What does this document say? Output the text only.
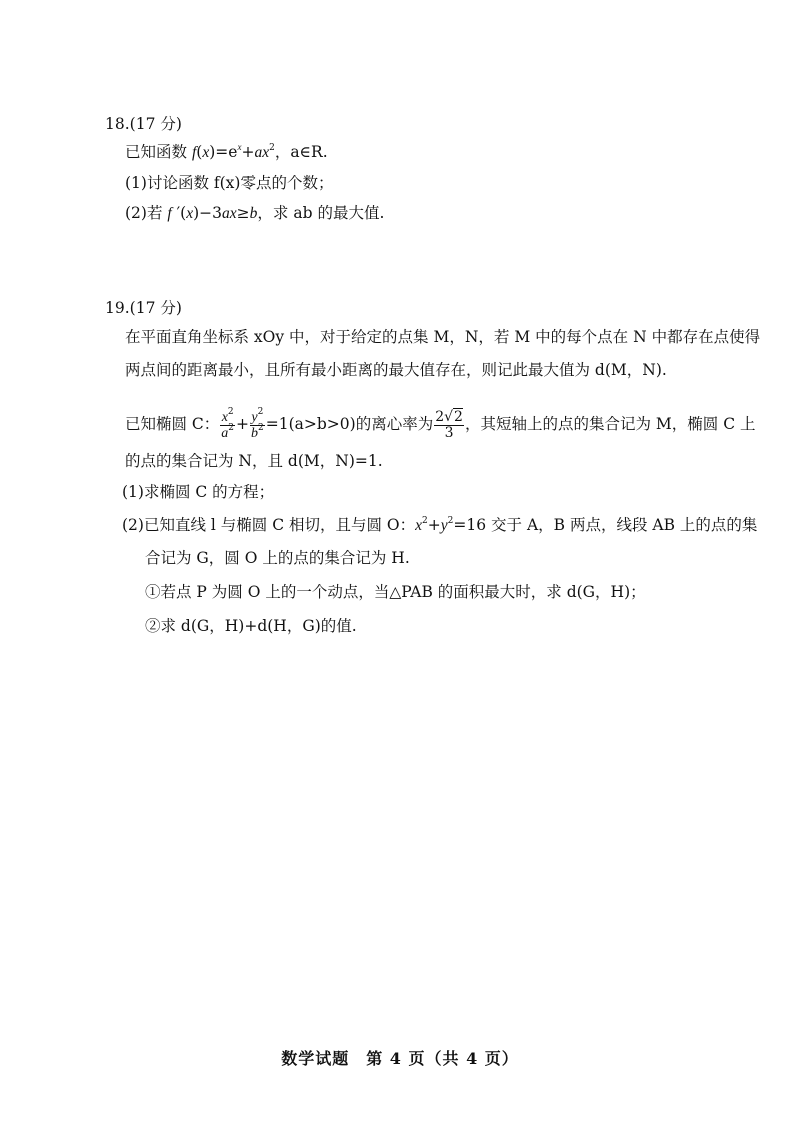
18.(17 分)
已知函数 $f(x)=e^x+ax^2$，a∈R.
(1)讨论函数 f(x)零点的个数；
(2)若 f ′(x)−3ax≥b，求 ab 的最大值.
19.(17 分)
在平面直角坐标系 xOy 中，对于给定的点集 M，N，若 M 中的每个点在 N 中都存在点使得
两点间的距离最小，且所有最小距离的最大值存在，则记此最大值为 d(M，N).
已知椭圆 C： $\frac{x^2}{a^2} + \frac{y^2}{b^2} =1(a>b>0)$的离心率为 $\frac{2√2}{3}$ ，其短轴上的点的集合记为 M，椭圆 C 上
的点的集合记为 N，且 d(M，N)=1.
(1)求椭圆 C 的方程；
(2)已知直线 l 与椭圆 C 相切，且与圆 O：$x^2+y^2=16$ 交于 A，B 两点，线段 AB 上的点的集
合记为 G，圆 O 上的点的集合记为 H.
①若点 P 为圆 O 上的一个动点，当△PAB 的面积最大时，求 d(G，H)；
②求 d(G，H)+d(H，G)的值.
数学试题　第 4 页（共 4 页）
